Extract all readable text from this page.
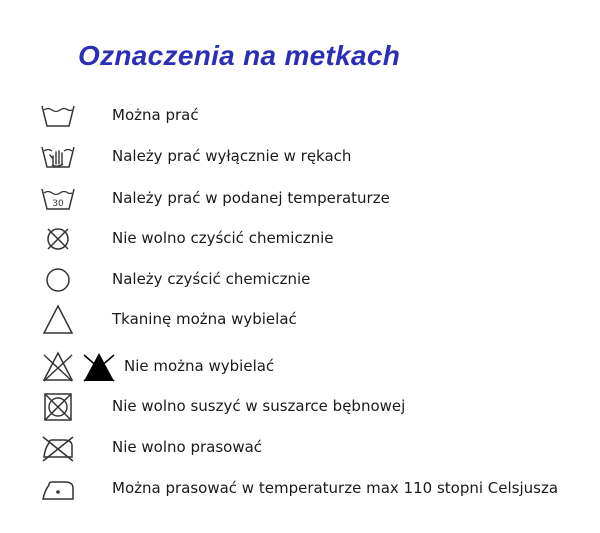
Oznaczenia na metkach
Można prać
Należy prać wyłącznie w rękach
30	Należy prać w podanej temperaturze
Nie wolno czyścić chemicznie
Należy czyścić chemicznie
Tkaninę można wybielać
Nie można wybielać
Nie wolno suszyć w suszarce bębnowej
Nie wolno prasować
Można prasować w temperaturze max 110 stopni Celsjusza
